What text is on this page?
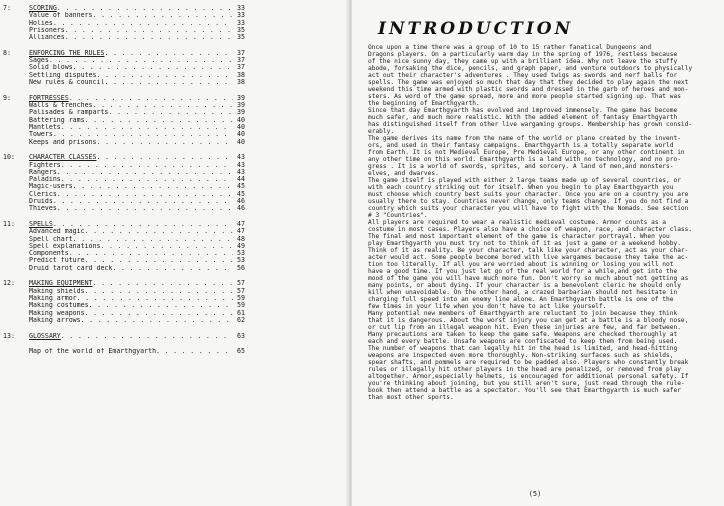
7:	SCORING . . .	33
Value of banners . . .	33
Holies . . .	33
Prisoners . . .	35
Alliances . . .	35
8:	ENFORCING THE RULES . . .	37
Sages . . .	37
Solid blows . . .	37
Settling disputes . . .	38
New rules & council . . .	38
9:	FORTRESSES . . .	39
Walls & trenches . . .	39
Palisades & ramparts . . .	39
Battering rams . . .	40
Mantlets . . .	40
Towers . . .	40
Keeps and prisons . . .	40
10:	CHARACTER CLASSES . . .	43
Fighters . . .	43
Rangers . . .	43
Paladins . . .	44
Magic-users . . .	45
Clerics . . .	45
Druids . . .	46
Thieves . . .	46
11:	SPELLS . . .	47
Advanced magic . . .	47
Spell chart . . .	48
Spell explanations . . .	49
Components . . .	53
Predict future . . .	53
Druid tarot card deck . . .	56
12:	MAKING EQUIPMENT . . .	57
Making shields . . .	57
Making armor . . .	59
Making costumes . . .	59
Making weapons . . .	61
Making arrows . . .	62
13:	GLOSSARY . . .	63
Map of the world of Emarthgyarth . . .	65
INTRODUCTION
Once upon a time there was a group of 10 to 15 rather fanatical Dungeons and
Dragons players. On a particularly warm day in the spring of 1976, restless because
of the nice sunny day, they came up with a brilliant idea. Why not leave the stuffy
abode, forsaking the dice, pencils, and graph paper, and venture outdoors to physically
act out their character's adventures . They used twigs as swords and nerf balls for
spells. The game was enjoyed so much that day that they decided to play again the next
weekend this time armed with plastic swords and dressed in the garb of heroes and mon-
sters. As word of the game spread, more and more people started signing up. That was
the beginning of Emarthgyarth.
Since that day Emarthgyarth has evolved and improved immensely. The game has become
much safer, and much more realistic. With the added element of fantasy Emarthgyarth
has distinguished itself from other live wargaming groups. Membership has grown consid-
erably.
The game derives its name from the name of the world or plane created by the invent-
ors, and used in their fantasy campaigns. Emarthgyarth is a totally separate world
from Earth. It is not Medieval Europe, Pre Medieval Europe, or any other continent in
any other time on this world. Emarthgyarth is a land with no technology, and no pro-
gress . It is a world of swords, sprites, and sorcery. A land of men,and monsters-
elves, and dwarves.
The game itself is played with either 2 large teams made up of several countries, or
with each country striking out for itself. When you begin to play Emarthgyarth you
must choose which country best suits your character. Once you are on a country you are
usually there to stay. Countries never change, only teams change. If you do not find a
country which suits your character you will have to fight with the Nomads. See section
# 3 "Countries".
All players are required to wear a realistic medieval costume. Armor counts as a
costume in most cases. Players also have a choice of weapon, race, and character class.
The final and most important element of the game is character portrayal. When you
play Emarthgyarth you must try not to think of it as just a game or a weekend hobby.
Think of it as reality. Be your character, talk like your character, act as your char-
acter would act. Some people become bored with live wargames because they take the ac-
tion too literally. If all you are worried about is winning or losing you will not
have a good time. If you just let go of the real world for a while,and get into the
mood of the game you will have much more fun. Don't worry so much about not getting as
many points, or about dying. If your character is a benevolent cleric he should only
kill when unavoidable. On the other hand, a crazed barbarian should not hesitate in
charging full speed into an enemy line alone. An Emarthgyarth battle is one of the
few times in your life when you don't have to act like yourself.
Many potential new members of Emarthgyarth are reluctant to join because they think
that it is dangerous. About the worst injury you can get at a battle is a bloody nose,
or cut lip from an illegal weapon hit. Even these injuries are few, and far between.
Many precautions are taken to keep the game safe. Weapons are checked thoroughly at
each and every battle. Unsafe weapons are confiscated to keep them from being used.
The number of weapons that can legally hit in the head is limited, and head-hitting
weapons are inspected even more thoroughly. Non-striking surfaces such as shields,
spear shafts, and pommels are required to be padded also. Players who constantly break
rules or illegally hit other players in the head are penalized, or removed from play
altogether. Armor,especially helmets, is encouraged for additional personal safety. If
you're thinking about joining, but you still aren't sure, just read through the rule-
book then attend a battle as a spectator. You'll see that Emarthgyarth is much safer
than most other sports.
(5)
